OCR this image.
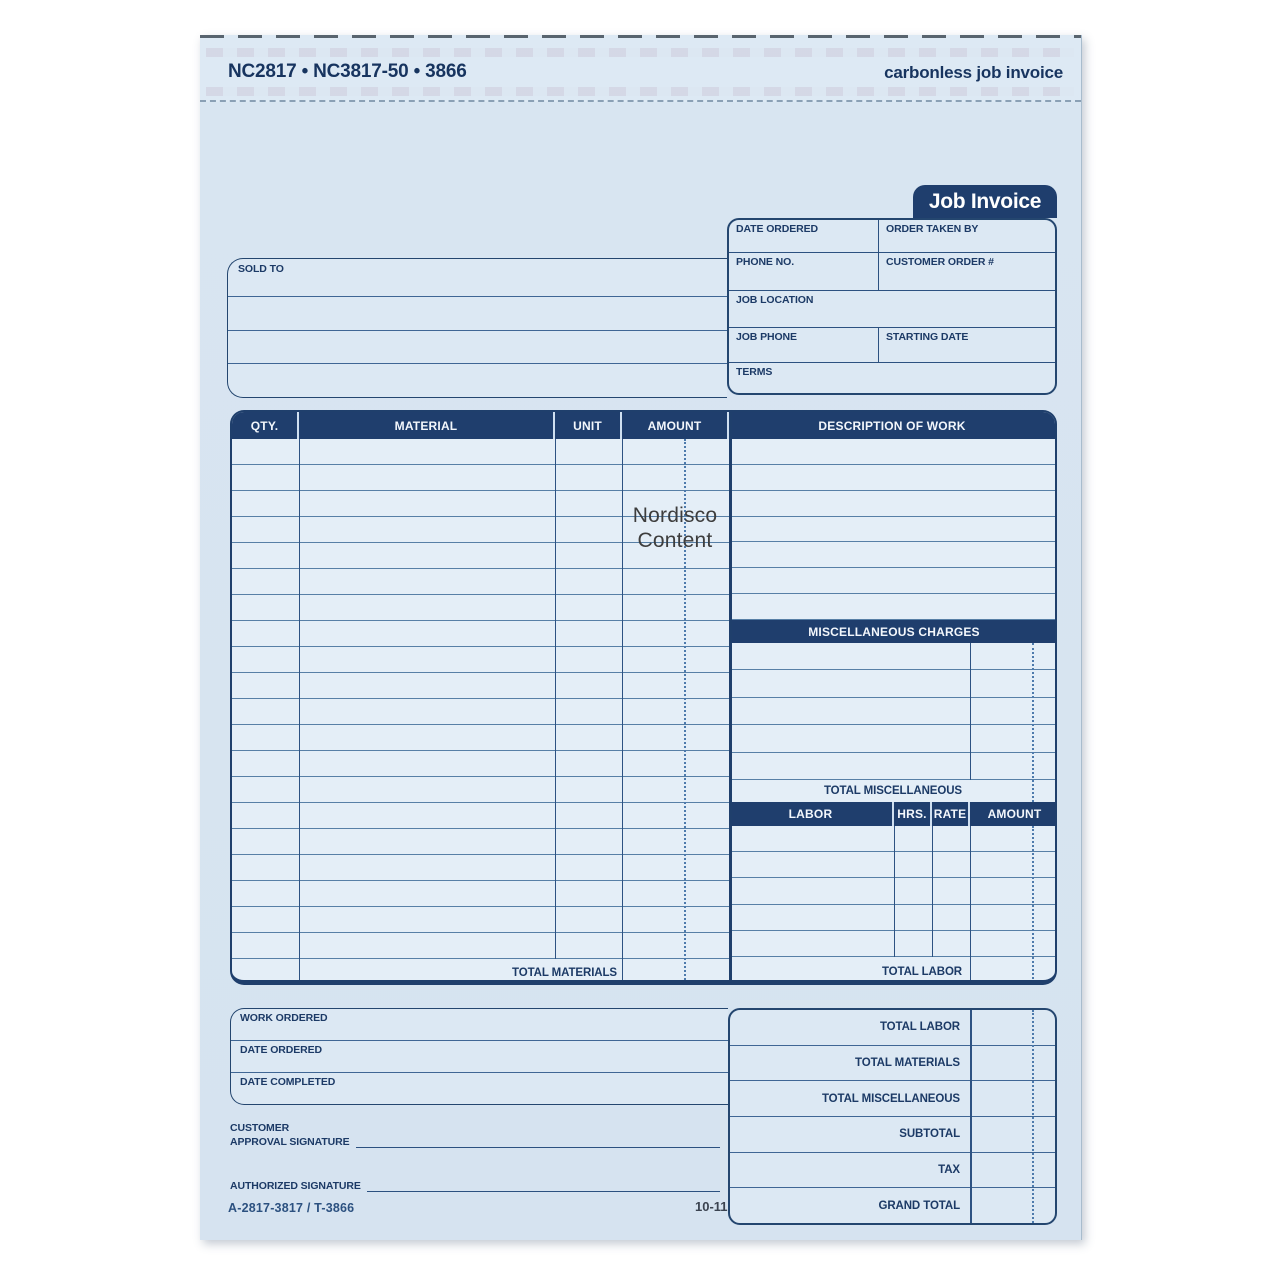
NC2817 • NC3817-50 • 3866	carbonless job invoice
Job Invoice
DATE ORDERED	ORDER TAKEN BY
PHONE NO.	CUSTOMER ORDER #
JOB LOCATION
JOB PHONE	STARTING DATE
TERMS
SOLD TO
QTY.	MATERIAL	UNIT	AMOUNT	DESCRIPTION OF WORK
TOTAL MATERIALS
MISCELLANEOUS CHARGES
TOTAL MISCELLANEOUS
LABOR	HRS. RATE	AMOUNT
TOTAL LABOR
Nordisco
Content
WORK ORDERED
DATE ORDERED
DATE COMPLETED
TOTAL LABOR
TOTAL MATERIALS
TOTAL MISCELLANEOUS
SUBTOTAL
TAX
GRAND TOTAL
CUSTOMER
APPROVAL SIGNATURE
AUTHORIZED SIGNATURE
A-2817-3817 / T-3866	10-11
